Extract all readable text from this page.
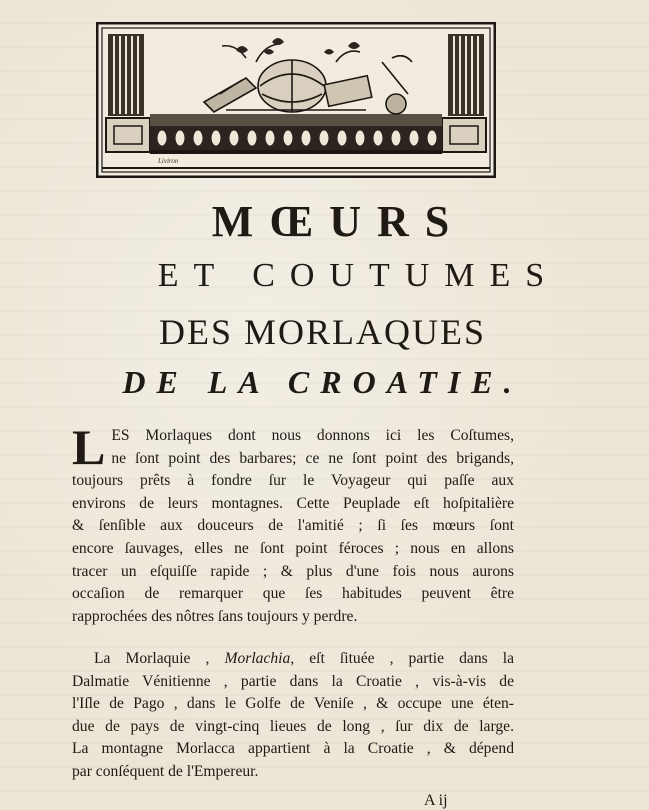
Liviron
MŒURS
ET COUTUMES
DES MORLAQUES
DE LA CROATIE.
L ES Morlaques dont nous donnons ici les Coſtumes,
ne ſont point des barbares; ce ne ſont point des brigands,
toujours prêts à fondre ſur le Voyageur qui paſſe aux
environs de leurs montagnes. Cette Peuplade eſt hoſpitalière
& ſenſible aux douceurs de l'amitié ; ſi ſes mœurs ſont
encore ſauvages, elles ne ſont point féroces ; nous en allons
tracer un eſquiſſe rapide ; & plus d'une fois nous aurons
occaſion de remarquer que ſes habitudes peuvent être
rapprochées des nôtres ſans toujours y perdre.
La Morlaquie , Morlachia, eſt ſituée , partie dans la
Dalmatie Vénitienne , partie dans la Croatie , vis-à-vis de
l'Iſle de Pago , dans le Golfe de Veniſe , & occupe une éten-
due de pays de vingt-cinq lieues de long , ſur dix de large.
La montagne Morlacca appartient à la Croatie , & dépend
par conſéquent de l'Empereur.
A ij
